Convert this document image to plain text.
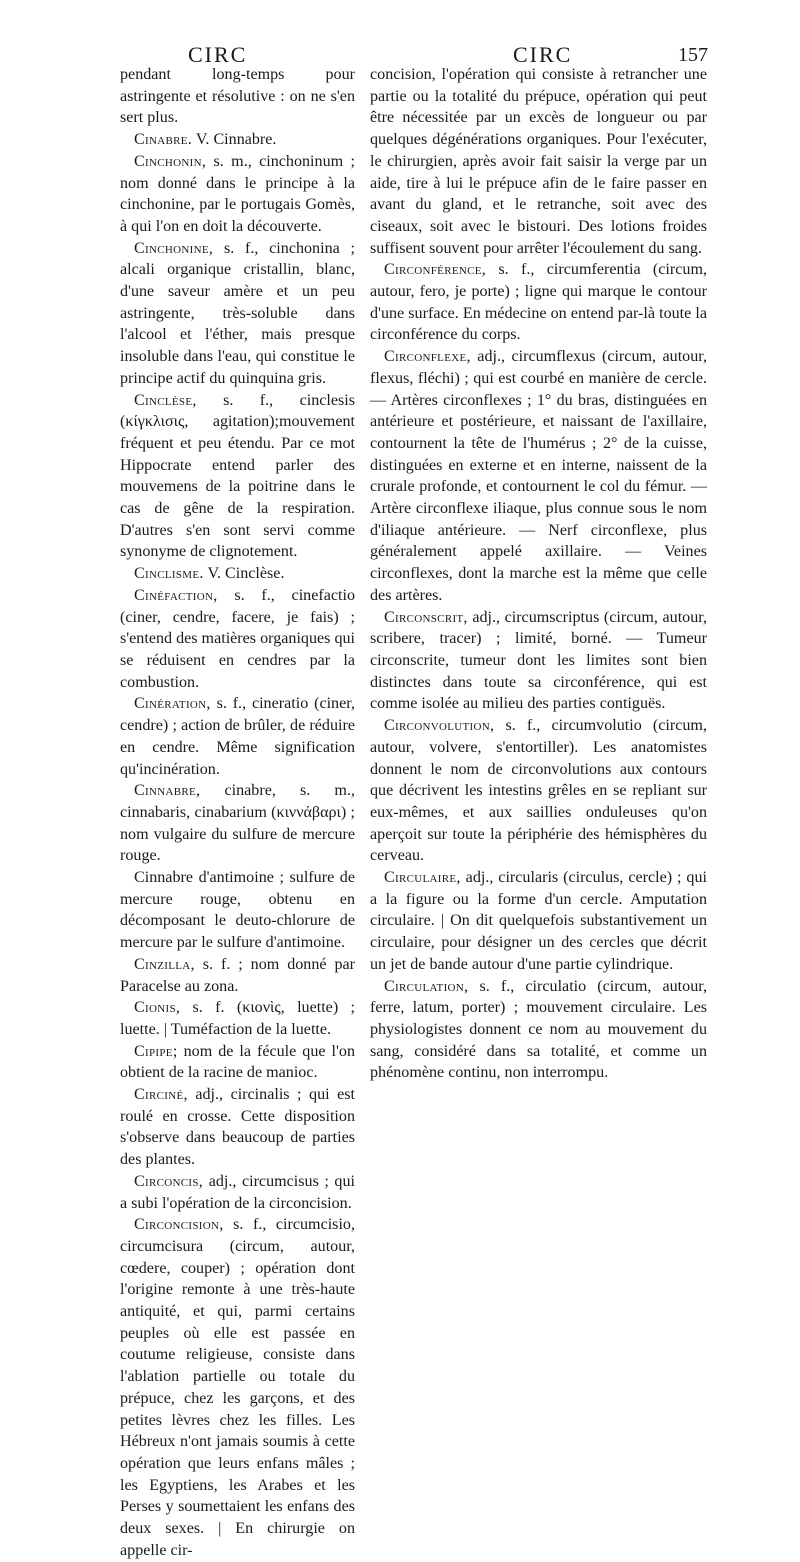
CIRC	CIRC	157

pendant long-temps pour astringente et résolutive : on ne s'en sert plus.

Cinabre. V. Cinnabre.

Cinchonin, s. m., cinchoninum ; nom donné dans le principe à la cinchonine, par le portugais Gomès, à qui l'on en doit la découverte.

Cinchonine, s. f., cinchonina ; alcali organique cristallin, blanc, d'une saveur amère et un peu astringente, très-soluble dans l'alcool et l'éther, mais presque insoluble dans l'eau, qui constitue le principe actif du quinquina gris.

Cinclèse, s. f., cinclesis (κίγκλισις, agitation);mouvement fréquent et peu étendu. Par ce mot Hippocrate entend parler des mouvemens de la poitrine dans le cas de gêne de la respiration. D'autres s'en sont servi comme synonyme de clignotement.

Cinclisme. V. Cinclèse.

Cinéfaction, s. f., cinefactio (ciner, cendre, facere, je fais) ; s'entend des matières organiques qui se réduisent en cendres par la combustion.

Cinération, s. f., cineratio (ciner, cendre) ; action de brûler, de réduire en cendre. Même signification qu'incinération.

Cinnabre, cinabre, s. m., cinnabaris, cinabarium (κιννάβαρι) ; nom vulgaire du sulfure de mercure rouge.

Cinnabre d'antimoine ; sulfure de mercure rouge, obtenu en décomposant le deuto-chlorure de mercure par le sulfure d'antimoine.

Cinzilla, s. f. ; nom donné par Paracelse au zona.

Cionis, s. f. (κιονὶς, luette) ; luette. | Tuméfaction de la luette.

Cipipe; nom de la fécule que l'on obtient de la racine de manioc.

Circiné, adj., circinalis ; qui est roulé en crosse. Cette disposition s'observe dans beaucoup de parties des plantes.

Circoncis, adj., circumcisus ; qui a subi l'opération de la circoncision.

Circoncision, s. f., circumcisio, circumcisura (circum, autour, cœdere, couper) ; opération dont l'origine remonte à une très-haute antiquité, et qui, parmi certains peuples où elle est passée en coutume religieuse, consiste dans l'ablation partielle ou totale du prépuce, chez les garçons, et des petites lèvres chez les filles. Les Hébreux n'ont jamais soumis à cette opération que leurs enfans mâles ; les Egyptiens, les Arabes et les Perses y soumettaient les enfans des deux sexes. | En chirurgie on appelle cir-

concision, l'opération qui consiste à retrancher une partie ou la totalité du prépuce, opération qui peut être nécessitée par un excès de longueur ou par quelques dégénérations organiques. Pour l'exécuter, le chirurgien, après avoir fait saisir la verge par un aide, tire à lui le prépuce afin de le faire passer en avant du gland, et le retranche, soit avec des ciseaux, soit avec le bistouri. Des lotions froides suffisent souvent pour arrêter l'écoulement du sang.

Circonférence, s. f., circumferentia (circum, autour, fero, je porte) ; ligne qui marque le contour d'une surface. En médecine on entend par-là toute la circonférence du corps.

Circonflexe, adj., circumflexus (circum, autour, flexus, fléchi) ; qui est courbé en manière de cercle. — Artères circonflexes ; 1° du bras, distinguées en antérieure et postérieure, et naissant de l'axillaire, contournent la tête de l'humérus ; 2° de la cuisse, distinguées en externe et en interne, naissent de la crurale profonde, et contournent le col du fémur. — Artère circonflexe iliaque, plus connue sous le nom d'iliaque antérieure. — Nerf circonflexe, plus généralement appelé axillaire. — Veines circonflexes, dont la marche est la même que celle des artères.

Circonscrit, adj., circumscriptus (circum, autour, scribere, tracer) ; limité, borné. — Tumeur circonscrite, tumeur dont les limites sont bien distinctes dans toute sa circonférence, qui est comme isolée au milieu des parties contiguës.

Circonvolution, s. f., circumvolutio (circum, autour, volvere, s'entortiller). Les anatomistes donnent le nom de circonvolutions aux contours que décrivent les intestins grêles en se repliant sur eux-mêmes, et aux saillies onduleuses qu'on aperçoit sur toute la périphérie des hémisphères du cerveau.

Circulaire, adj., circularis (circulus, cercle) ; qui a la figure ou la forme d'un cercle. Amputation circulaire. | On dit quelquefois substantivement un circulaire, pour désigner un des cercles que décrit un jet de bande autour d'une partie cylindrique.

Circulation, s. f., circulatio (circum, autour, ferre, latum, porter) ; mouvement circulaire. Les physiologistes donnent ce nom au mouvement du sang, considéré dans sa totalité, et comme un phénomène continu, non interrompu.
